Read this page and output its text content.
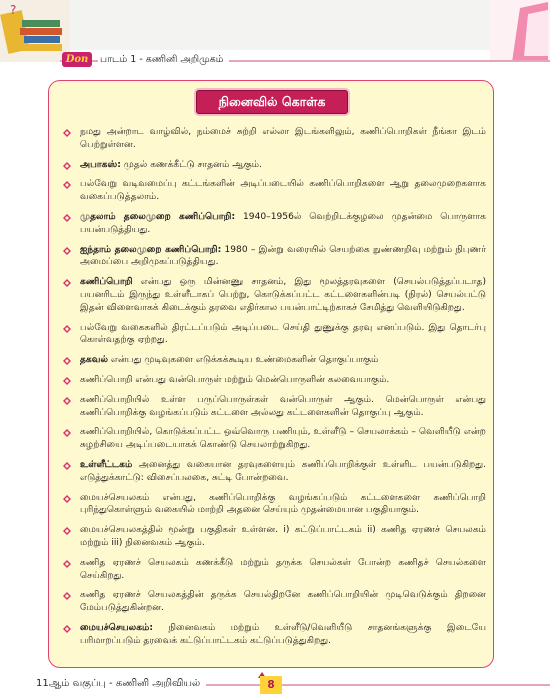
?
Don	பாடம் 1 - கணினி அறிமுகம்
நினைவில் கொள்க
நமது அன்றாட வாழ்வில், நம்மைச் சுற்றி எல்லா இடங்களிலும், கணிப்பொறிகள் நீங்கா இடம் பெற்றுள்ளன.
அபாகஸ்: முதல் கணக்கீட்டு சாதனம் ஆகும்.
பல்வேறு வடிவமைப்பு கட்டங்களின் அடிப்படையில் கணிப்பொறிகளை ஆறு தலைமுறைகளாக வகைப்படுத்தலாம்.
முதலாம் தலைமுறை கணிப்பொறி: 1940–1956ல் வெற்றிடக்குழலை முதன்மை பொருளாக பயன்படுத்தியது.
ஐந்தாம் தலைமுறை கணிப்பொறி: 1980 – இன்று வரையில் செயற்கை நுண்ணறிவு மற்றும் நிபுணர் அமைப்பை அறிமுகப்படுத்தியது.
கணிப்பொறி என்பது ஒரு மின்னணு சாதனம், இது மூலத்தரவுகளை (செயல்படுத்தப்படாத) பயனரிடம் இருந்து உள்ளீடாகப் பெற்று, கொடுக்கப்பட்ட கட்டளைகளின்படி (நிரல்) செயல்பட்டு இதன் விளைவாகக் கிடைக்கும் தரவை எதிர்கால பயன்பாட்டிற்காகச் சேமித்து வெளியிடுகிறது.
பல்வேறு வகைகளில் திரட்டப்படும் அடிப்படை செய்தி துணுக்கு தரவு எனப்படும். இது தொடர்பு கொள்வதற்கு ஏற்றது.
தகவல் என்பது முடிவுகளை எடுக்கக்கூடிய உண்மைகளின் தொகுப்பாகும்
கணிப்பொறி என்பது வன்பொருள் மற்றும் மென்பொருளின் கலவையாகும்.
கணிப்பொறியில் உள்ள பருப்பொருள்கள் வன்பொருள் ஆகும். மென்பொருள் என்பது கணிப்பொறிக்கு வழங்கப்படும் கட்டளை அல்லது கட்டளைகளின் தொகுப்பு ஆகும்.
கணிப்பொறியில், கொடுக்கப்பட்ட ஒவ்வொரு பணியும், உள்ளீடு – செயலாக்கம் – வெளியீடு என்ற சுழற்சியை அடிப்படையாகக் கொண்டு செயலாற்றுகிறது.
உள்ளீட்டகம் அனைத்து வகையான தரவுகளையும் கணிப்பொறிக்குள் உள்ளிட பயன்படுகிறது. எடுத்துக்காட்டு: விசைப்பலகை, சுட்டி போன்றவை.
மையச்செயலகம் என்பது, கணிப்பொறிக்கு வழங்கப்படும் கட்டளைகளை கணிப்பொறி புரிந்துகொள்ளும் வகையில் மாற்றி அதனை செய்யும் முதன்மையான பகுதியாகும்.
மையச்செயலகத்தில் மூன்று பகுதிகள் உள்ளன. i) கட்டுப்பாட்டகம் ii) கணித ஏரணச் செயலகம் மற்றும் iii) நினைவகம் ஆகும்.
கணித ஏரணச் செயலகம் கணக்கீடு மற்றும் தருக்க செயல்கள் போன்ற கணிதச் செயல்களை செய்கிறது.
கணித ஏரணச் செயலகத்தின் தருக்க செயல்திறனே கணிப்பொறியின் முடிவெடுக்கும் திறனை மேம்படுத்துகின்றன.
மையச்செயலகம்: நினைவகம் மற்றும் உள்ளீடு/வெளியீடு சாதனங்களுக்கு இடையே பரிமாறப்படும் தரவைக் கட்டுப்பாட்டகம் கட்டுப்படுத்துகிறது.
11ஆம் வகுப்பு - கணினி அறிவியல்	8
